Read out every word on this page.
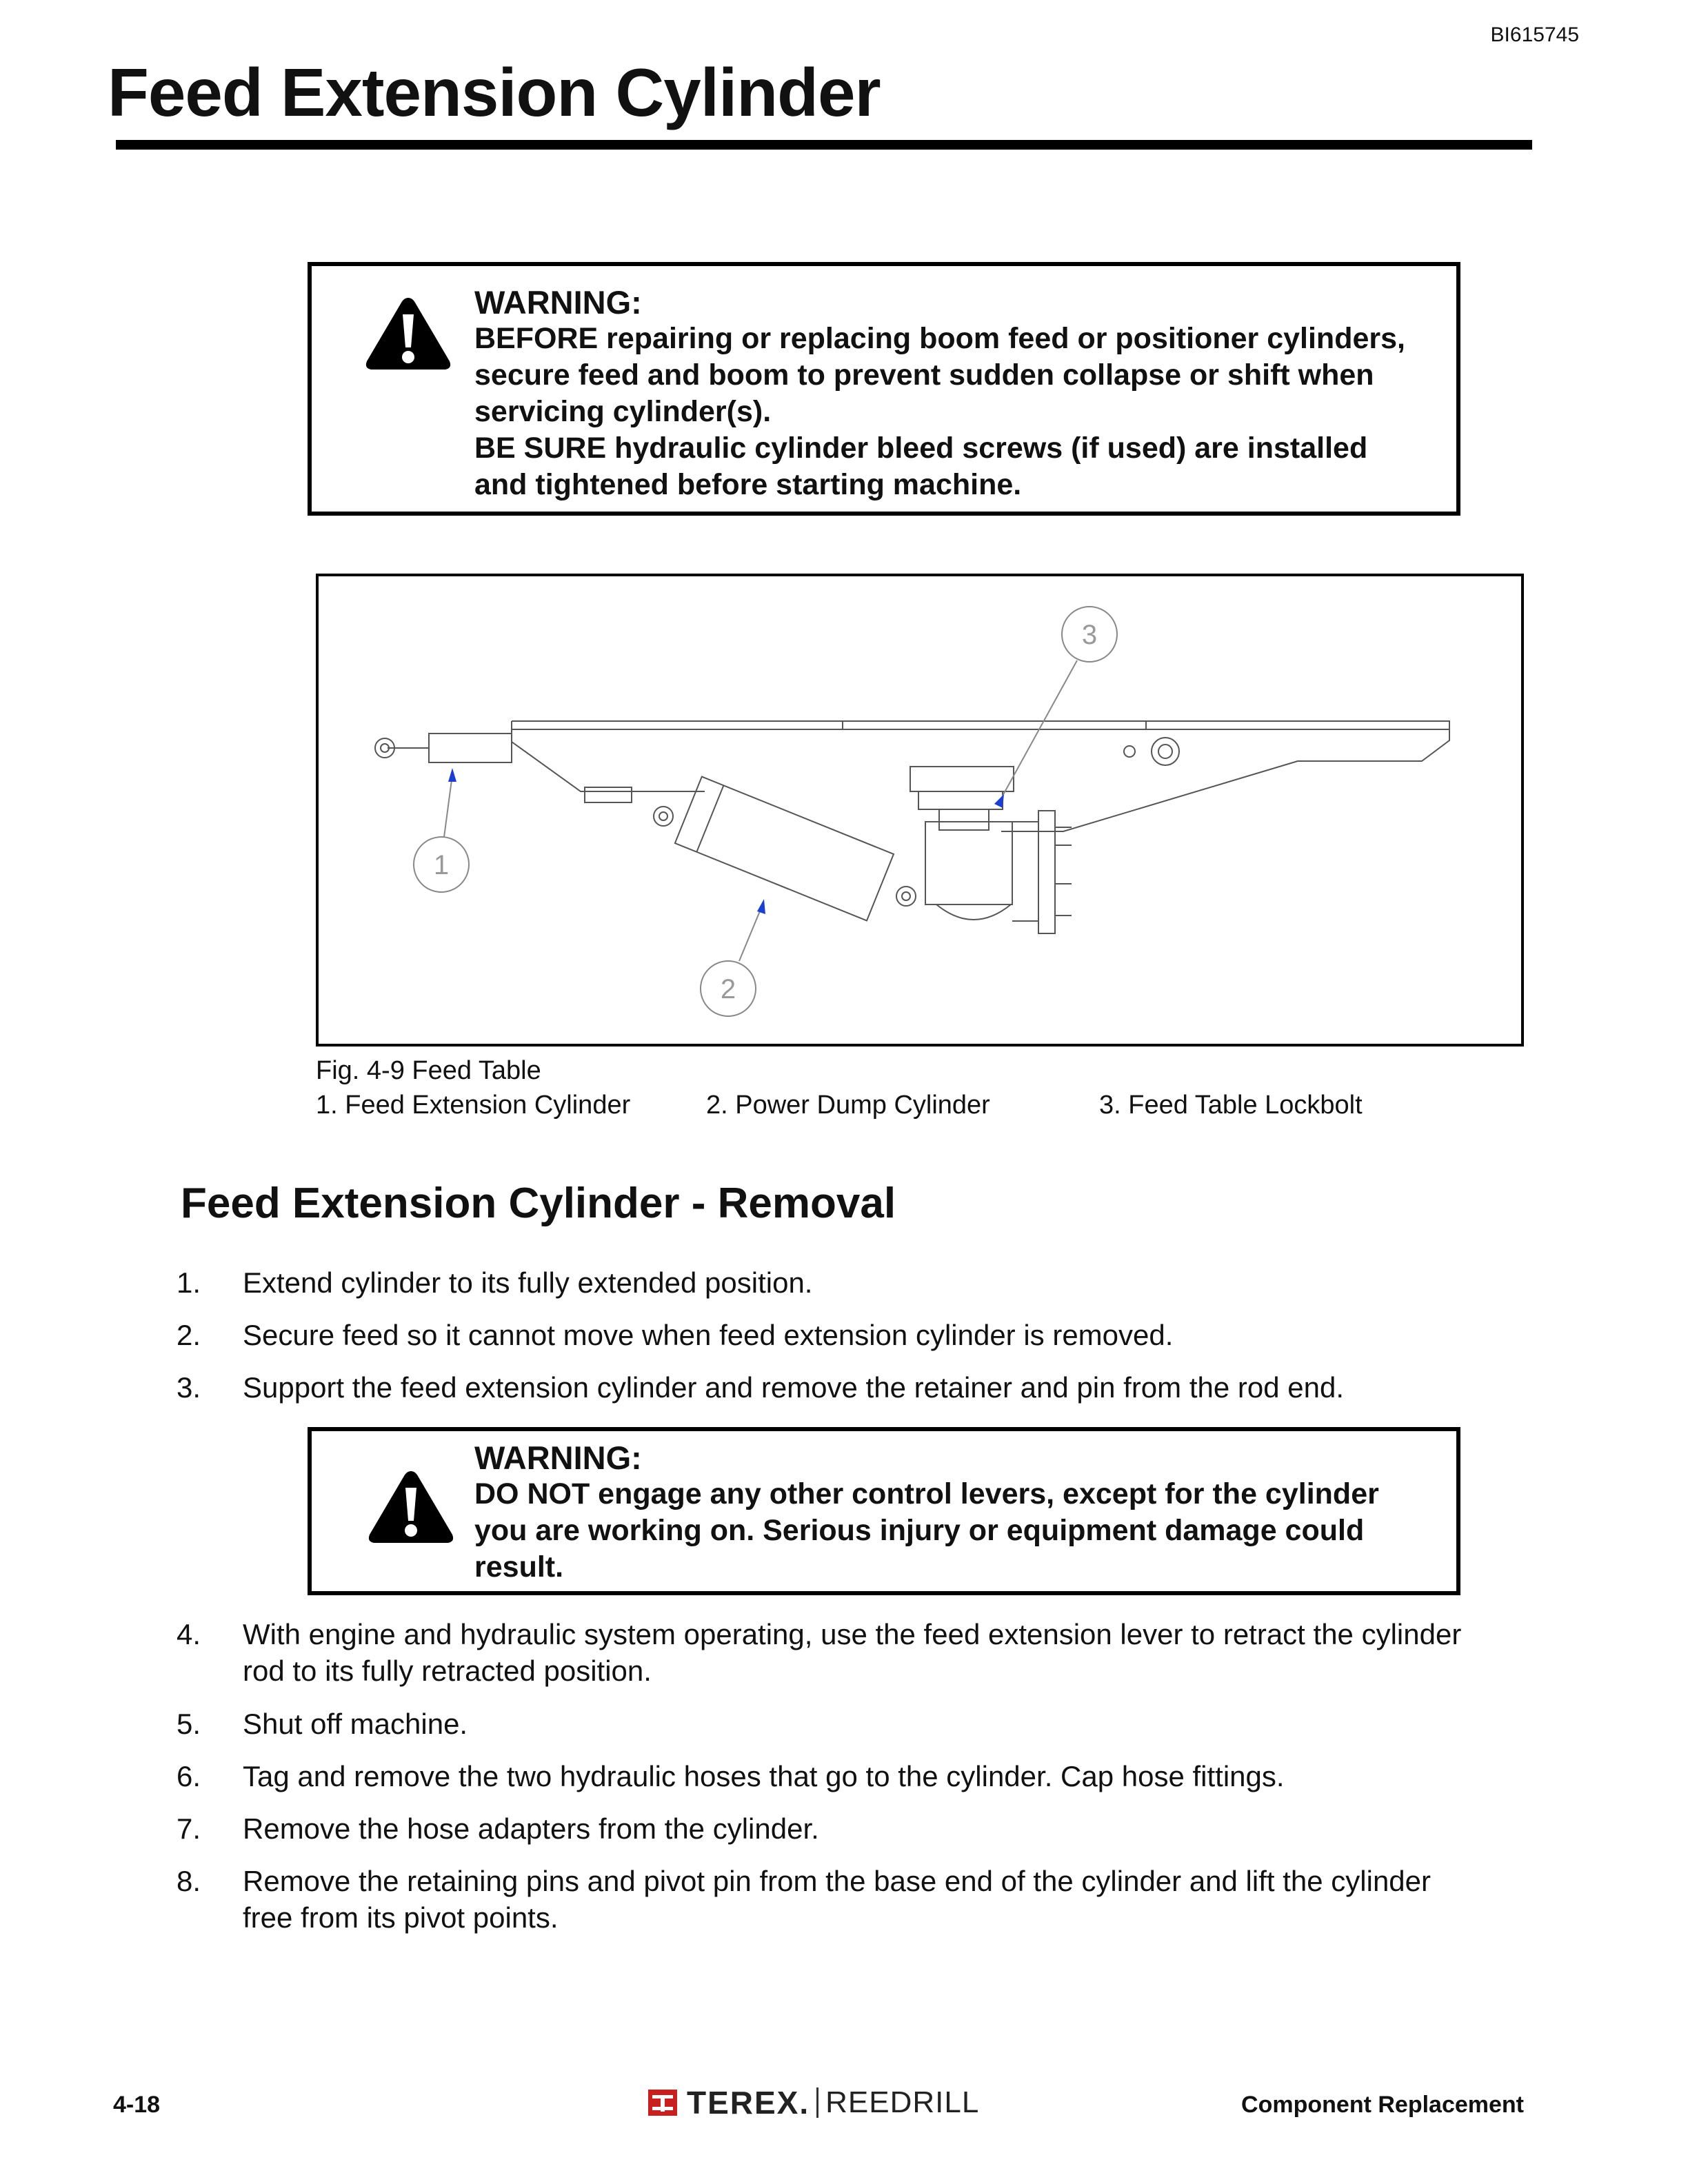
BI615745
Feed Extension Cylinder
WARNING:
BEFORE repairing or replacing boom feed or positioner cylinders,
secure feed and boom to prevent sudden collapse or shift when
servicing cylinder(s).
BE SURE hydraulic cylinder bleed screws (if used) are installed
and tightened before starting machine.
1
2
3
Fig. 4-9 Feed Table
1. Feed Extension Cylinder	2. Power Dump Cylinder	3. Feed Table Lockbolt
Feed Extension Cylinder - Removal
1.	Extend cylinder to its fully extended position.
2.	Secure feed so it cannot move when feed extension cylinder is removed.
3.	Support the feed extension cylinder and remove the retainer and pin from the rod end.
WARNING:
DO NOT engage any other control levers, except for the cylinder
you are working on. Serious injury or equipment damage could
result.
4.	With engine and hydraulic system operating, use the feed extension lever to retract the cylinder
rod to its fully retracted position.
5.	Shut off machine.
6.	Tag and remove the two hydraulic hoses that go to the cylinder. Cap hose fittings.
7.	Remove the hose adapters from the cylinder.
8.	Remove the retaining pins and pivot pin from the base end of the cylinder and lift the cylinder
free from its pivot points.
4-18	TEREX. REEDRILL	Component Replacement
